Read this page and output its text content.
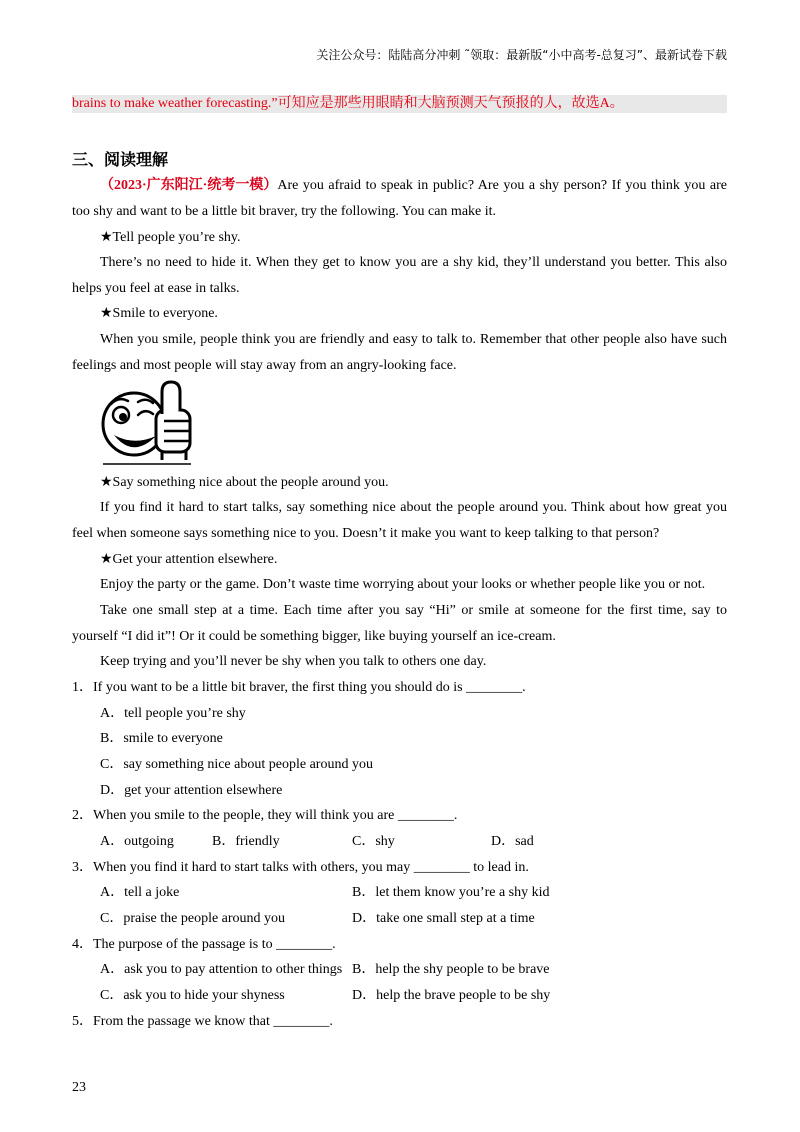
关注公众号：陆陆高分冲刺 ˜领取：最新版“小中高考-总复习”、最新试卷下载
brains to make weather forecasting.”可知应是那些用眼睛和大脑预测天气预报的人，故选A。
三、阅读理解
（2023·广东阳江·统考一模）Are you afraid to speak in public? Are you a shy person? If you think you are
too shy and want to be a little bit braver, try the following. You can make it.
★Tell people you’re shy.
There’s no need to hide it. When they get to know you are a shy kid, they’ll understand you better. This also
helps you feel at ease in talks.
★Smile to everyone.
When you smile, people think you are friendly and easy to talk to. Remember that other people also have such
feelings and most people will stay away from an angry-looking face.
★Say something nice about the people around you.
If you find it hard to start talks, say something nice about the people around you. Think about how great you
feel when someone says something nice to you. Doesn’t it make you want to keep talking to that person?
★Get your attention elsewhere.
Enjoy the party or the game. Don’t waste time worrying about your looks or whether people like you or not.
Take one small step at a time. Each time after you say “Hi” or smile at someone for the first time, say to
yourself “I did it”! Or it could be something bigger, like buying yourself an ice-cream.
Keep trying and you’ll never be shy when you talk to others one day.
1．If you want to be a little bit braver, the first thing you should do is ________.
A．tell people you’re shy
B．smile to everyone
C．say something nice about people around you
D．get your attention elsewhere
2．When you smile to the people, they will think you are ________.
A．outgoing	B．friendly	C．shy	D．sad
3．When you find it hard to start talks with others, you may ________ to lead in.
A．tell a joke	B．let them know you’re a shy kid
C．praise the people around you	D．take one small step at a time
4．The purpose of the passage is to ________.
A．ask you to pay attention to other things B．help the shy people to be brave
C．ask you to hide your shyness	D．help the brave people to be shy
5．From the passage we know that ________.
23
